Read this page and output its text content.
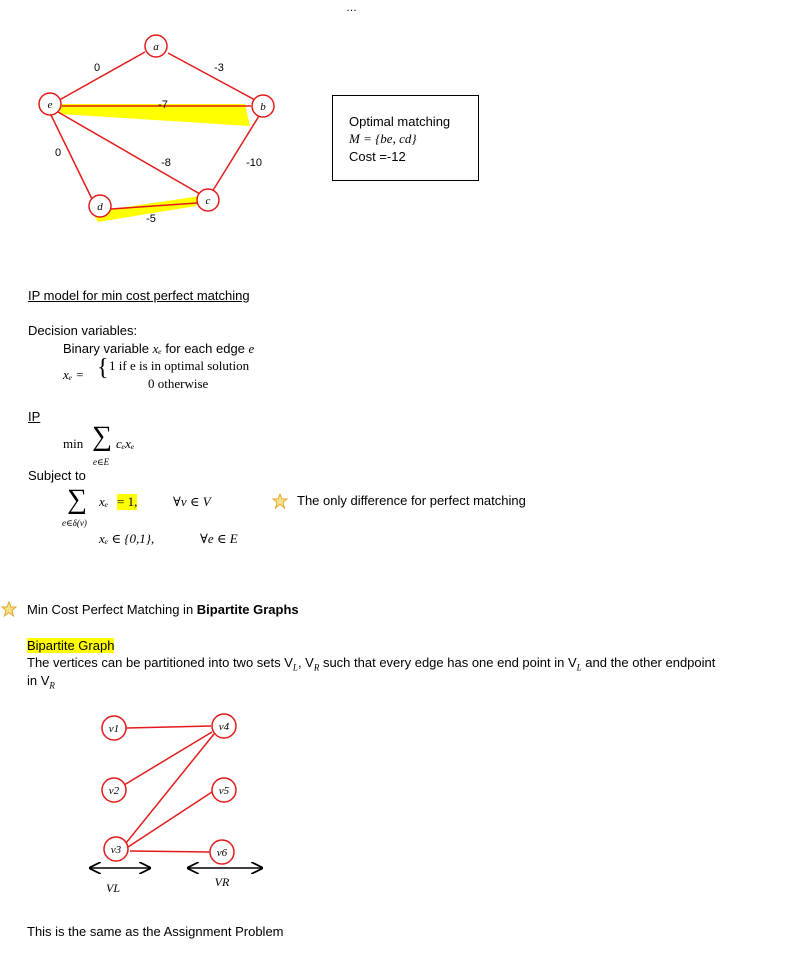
…
a
b
c
d
e
0	-3
-7
-8	-10
0
-5
Optimal matching
M = {be, cd}
Cost =-12
IP model for min cost perfect matching
Decision variables:
Binary variable xₑ for each edge e
xₑ = { 1 if e is in optimal solution
0 otherwise
IP
min ∑ cₑxₑ
e∈E
Subject to
∑ xₑ = 1,
e∈δ(v)
∀v ∈ V
xₑ ∈ {0,1},	∀e ∈ E
The only difference for perfect matching
Min Cost Perfect Matching in Bipartite Graphs
Bipartite Graph
The vertices can be partitioned into two sets $V_L$, $V_R$ such that every edge has one end point in $V_L$ and the other endpoint
in $V_R$
v1
v2
v3
v4
v5
v6
VL	VR
This is the same as the Assignment Problem
